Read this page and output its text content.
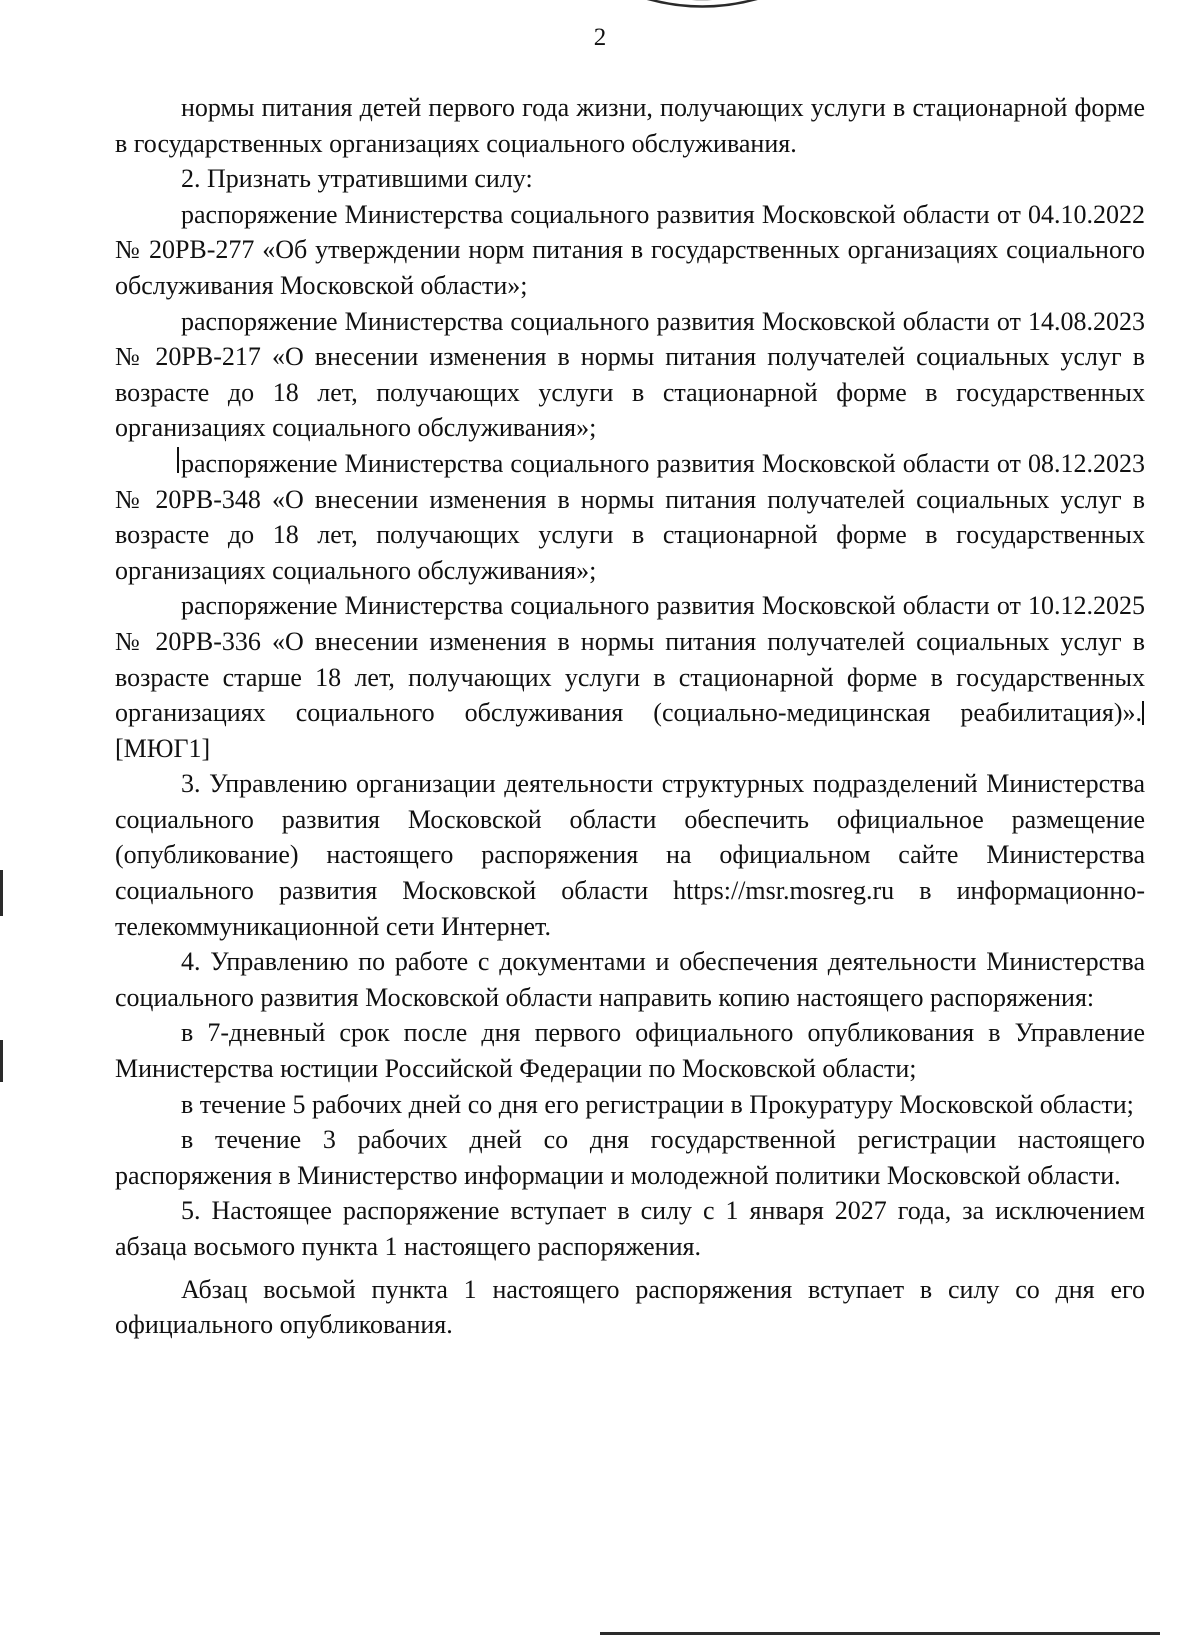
2

нормы питания детей первого года жизни, получающих услуги в стационарной форме в государственных организациях социального обслуживания.

2. Признать утратившими силу:

распоряжение Министерства социального развития Московской области от 04.10.2022 № 20РВ-277 «Об утверждении норм питания в государственных организациях социального обслуживания Московской области»;

распоряжение Министерства социального развития Московской области от 14.08.2023 № 20РВ-217 «О внесении изменения в нормы питания получателей социальных услуг в возрасте до 18 лет, получающих услуги в стационарной форме в государственных организациях социального обслуживания»;

распоряжение Министерства социального развития Московской области от 08.12.2023 № 20РВ-348 «О внесении изменения в нормы питания получателей социальных услуг в возрасте до 18 лет, получающих услуги в стационарной форме в государственных организациях социального обслуживания»;

распоряжение Министерства социального развития Московской области от 10.12.2025 № 20РВ-336 «О внесении изменения в нормы питания получателей социальных услуг в возрасте старше 18 лет, получающих услуги в стационарной форме в государственных организациях социального обслуживания (социально-медицинская реабилитация)».[МЮГ1]

3. Управлению организации деятельности структурных подразделений Министерства социального развития Московской области обеспечить официальное размещение (опубликование) настоящего распоряжения на официальном сайте Министерства социального развития Московской области https://msr.mosreg.ru в информационно-телекоммуникационной сети Интернет.

4. Управлению по работе с документами и обеспечения деятельности Министерства социального развития Московской области направить копию настоящего распоряжения:

в 7-дневный срок после дня первого официального опубликования в Управление Министерства юстиции Российской Федерации по Московской области;

в течение 5 рабочих дней со дня его регистрации в Прокуратуру Московской области;

в течение 3 рабочих дней со дня государственной регистрации настоящего распоряжения в Министерство информации и молодежной политики Московской области.

5. Настоящее распоряжение вступает в силу с 1 января 2027 года, за исключением абзаца восьмого пункта 1 настоящего распоряжения.

Абзац восьмой пункта 1 настоящего распоряжения вступает в силу со дня его официального опубликования.
